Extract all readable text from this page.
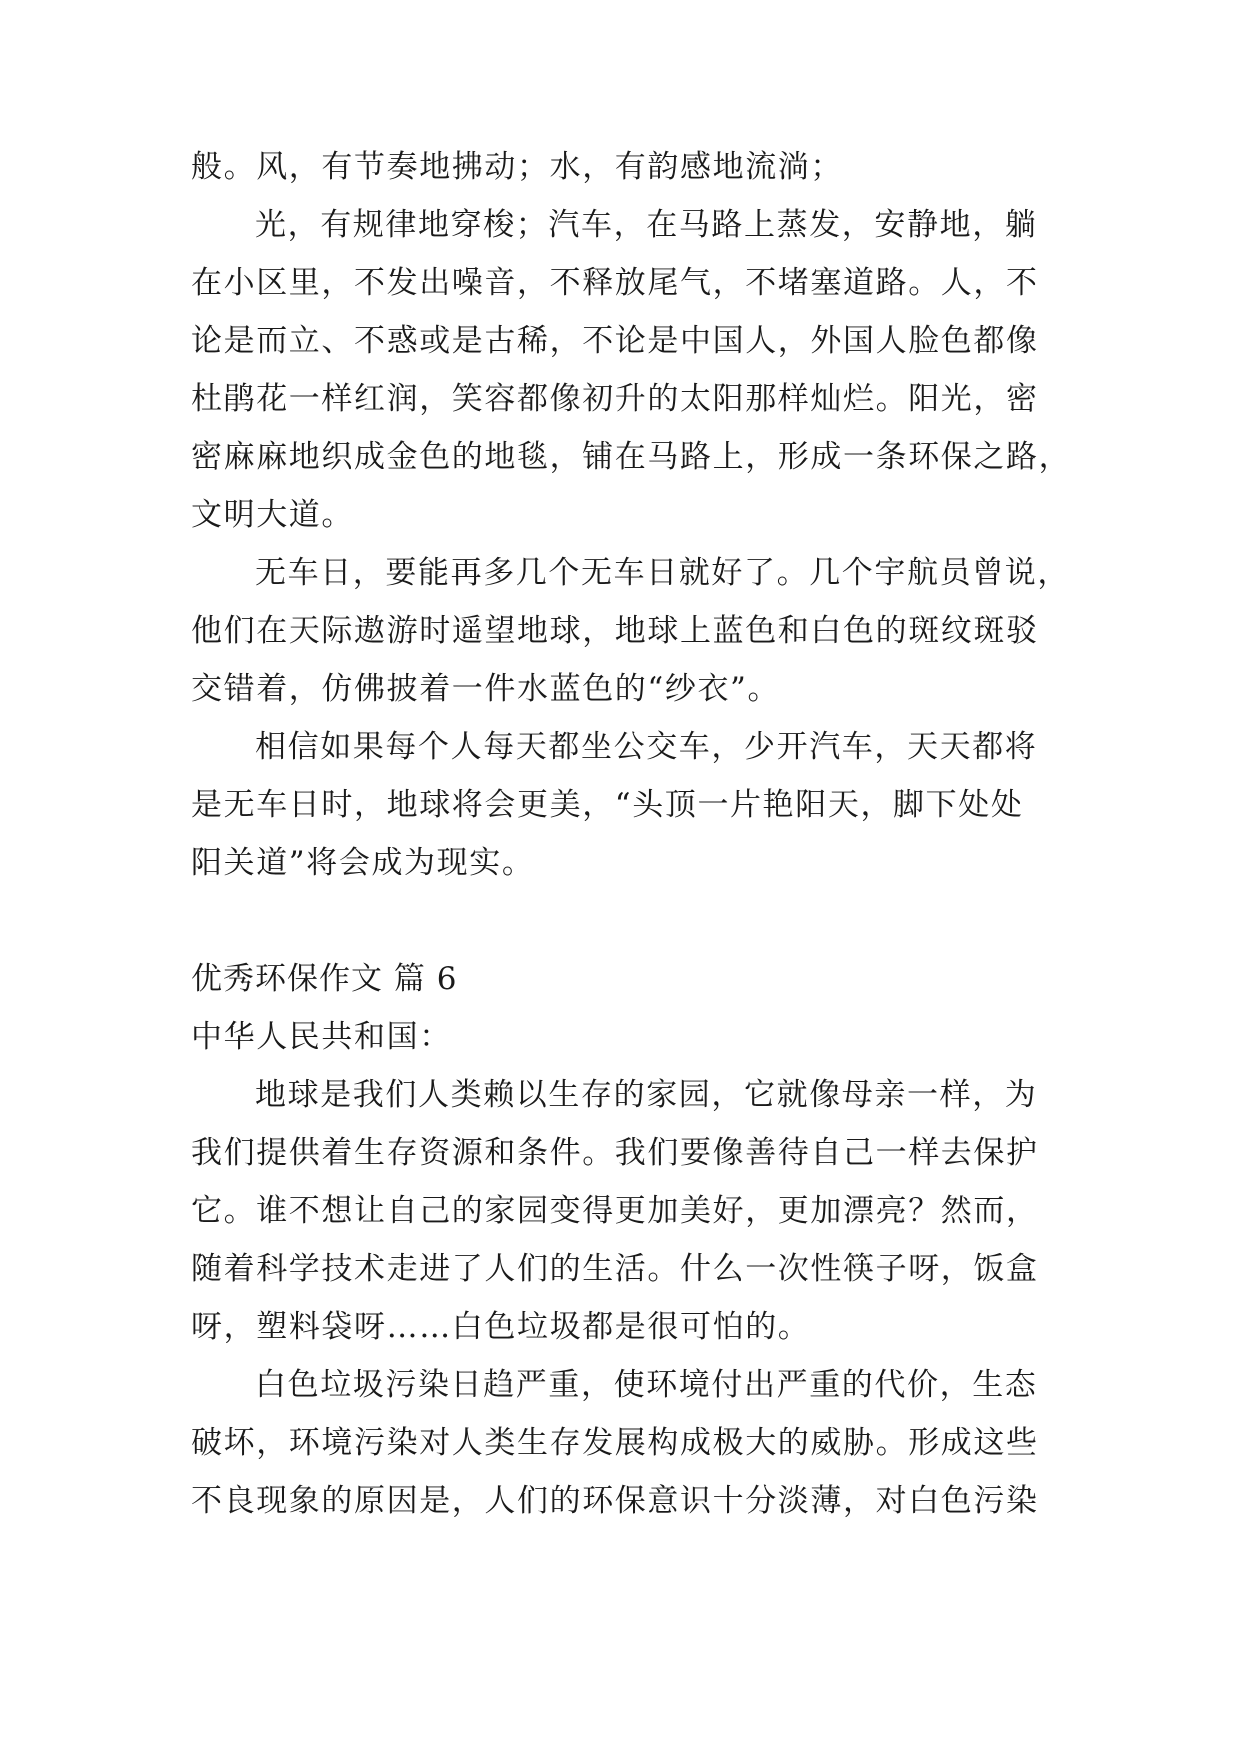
般。风，有节奏地拂动；水，有韵感地流淌；
光，有规律地穿梭；汽车，在马路上蒸发，安静地，躺
在小区里，不发出噪音，不释放尾气，不堵塞道路。人，不
论是而立、不惑或是古稀，不论是中国人，外国人脸色都像
杜鹃花一样红润，笑容都像初升的太阳那样灿烂。阳光，密
密麻麻地织成金色的地毯，铺在马路上，形成一条环保之路，
文明大道。
无车日，要能再多几个无车日就好了。几个宇航员曾说，
他们在天际遨游时遥望地球，地球上蓝色和白色的斑纹斑驳
交错着，仿佛披着一件水蓝色的“纱衣”。
相信如果每个人每天都坐公交车，少开汽车，天天都将
是无车日时，地球将会更美，“头顶一片艳阳天，脚下处处
阳关道”将会成为现实。
优秀环保作文 篇 6
中华人民共和国：
地球是我们人类赖以生存的家园，它就像母亲一样，为
我们提供着生存资源和条件。我们要像善待自己一样去保护
它。谁不想让自己的家园变得更加美好，更加漂亮？然而，
随着科学技术走进了人们的生活。什么一次性筷子呀，饭盒
呀，塑料袋呀……白色垃圾都是很可怕的。
白色垃圾污染日趋严重，使环境付出严重的代价，生态
破坏，环境污染对人类生存发展构成极大的威胁。形成这些
不良现象的原因是，人们的环保意识十分淡薄，对白色污染
